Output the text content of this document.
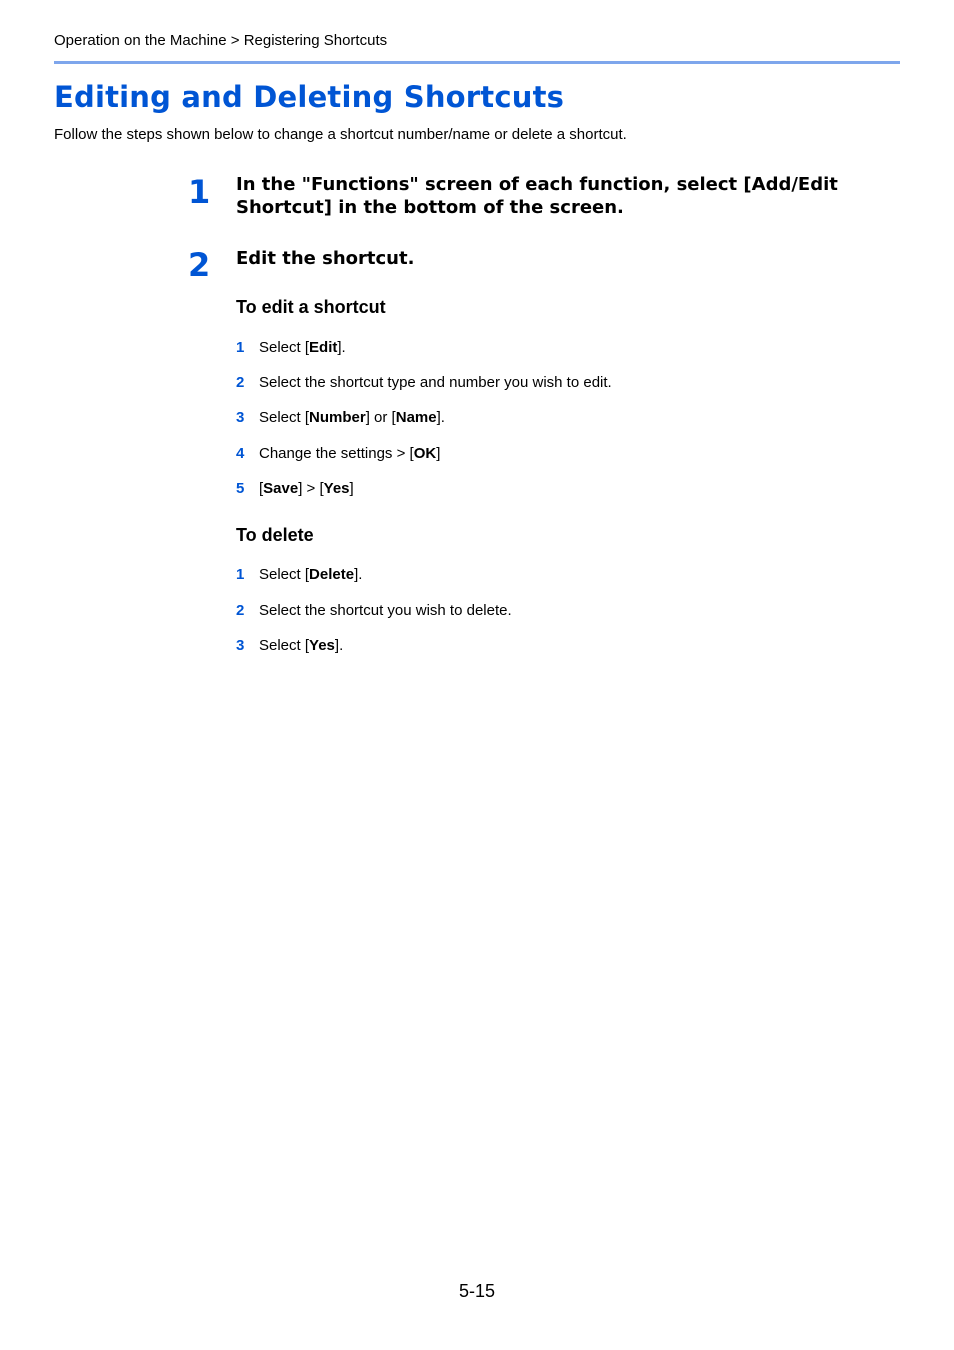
Operation on the Machine > Registering Shortcuts
Editing and Deleting Shortcuts
Follow the steps shown below to change a shortcut number/name or delete a shortcut.
1 In the "Functions" screen of each function, select [Add/Edit
Shortcut] in the bottom of the screen.
2 Edit the shortcut.
To edit a shortcut
1 Select [Edit].
2 Select the shortcut type and number you wish to edit.
3 Select [Number] or [Name].
4 Change the settings > [OK]
5 [Save] > [Yes]
To delete
1 Select [Delete].
2 Select the shortcut you wish to delete.
3 Select [Yes].
5-15
